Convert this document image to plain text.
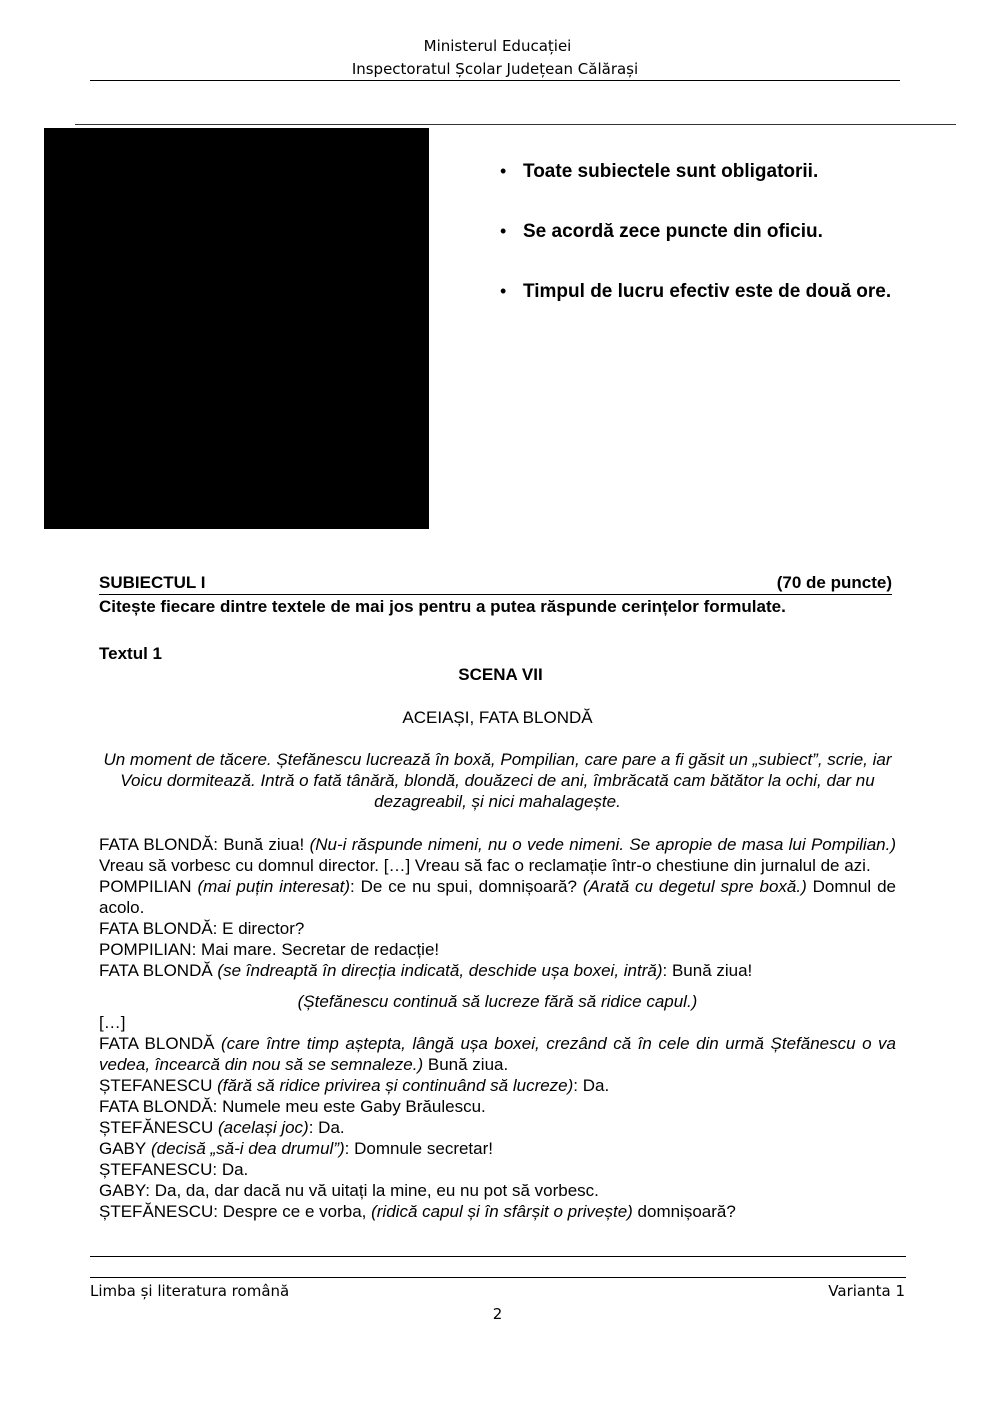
Ministerul Educației
Inspectoratul Școlar Județean Călărași
• Toate subiectele sunt obligatorii.
• Se acordă zece puncte din oficiu.
• Timpul de lucru efectiv este de două ore.
SUBIECTUL I	(70 de puncte)
Citește fiecare dintre textele de mai jos pentru a putea răspunde cerințelor formulate.
Textul 1
SCENA VII
ACEIAȘI, FATA BLONDĂ
Un moment de tăcere. Ștefănescu lucrează în boxă, Pompilian, care pare a fi găsit un „subiect”, scrie, iar Voicu dormitează. Intră o fată tânără, blondă, douăzeci de ani, îmbrăcată cam bătător la ochi, dar nu dezagreabil, și nici mahalagește.

FATA BLONDĂ: Bună ziua! (Nu-i răspunde nimeni, nu o vede nimeni. Se apropie de masa lui Pompilian.) Vreau să vorbesc cu domnul director. […] Vreau să fac o reclamație într-o chestiune din jurnalul de azi.

POMPILIAN (mai puțin interesat): De ce nu spui, domnișoară? (Arată cu degetul spre boxă.) Domnul de acolo.

FATA BLONDĂ: E director?

POMPILIAN: Mai mare. Secretar de redacție!

FATA BLONDĂ (se îndreaptă în direcția indicată, deschide ușa boxei, intră): Bună ziua!

(Ștefănescu continuă să lucreze fără să ridice capul.)

[…]

FATA BLONDĂ (care între timp aștepta, lângă ușa boxei, crezând că în cele din urmă Ștefănescu o va vedea, încearcă din nou să se semnaleze.) Bună ziua.

ȘTEFANESCU (fără să ridice privirea și continuând să lucreze): Da.

FATA BLONDĂ: Numele meu este Gaby Brăulescu.

ȘTEFĂNESCU (același joc): Da.

GABY (decisă „să-i dea drumul”): Domnule secretar!

ȘTEFANESCU: Da.

GABY: Da, da, dar dacă nu vă uitați la mine, eu nu pot să vorbesc.

ȘTEFĂNESCU: Despre ce e vorba, (ridică capul și în sfârșit o privește) domnișoară?

Limba și literatura română	Varianta 1
2
